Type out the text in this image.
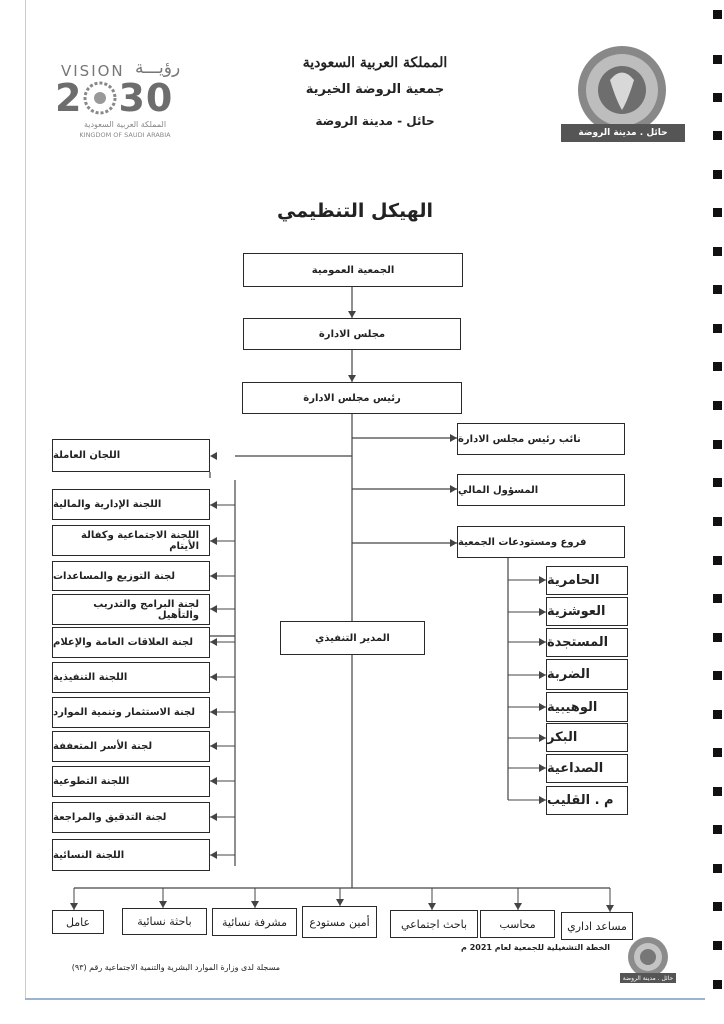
VISION رؤيـــة
2 30
المملكة العربية السعودية
KINGDOM OF SAUDI ARABIA
المملكة العربية السعودية
جمعية الروضة الخيرية
حائل - مدينة الروضة
حائل . مدينة الروضة
الهيكل التنظيمي
الجمعية العمومية
مجلس الادارة
رئيس مجلس الادارة
نائب رئيس مجلس الادارة
المسؤول المالي
فروع ومستودعات الجمعية
اللجان العاملة
المدير التنفيذي
اللجنة الإدارية والمالية
اللجنة الاجتماعية وكفالة الأيتام
لجنة التوزيع والمساعدات
لجنة البرامج والتدريب والتأهيل
لجنة العلاقات العامة والإعلام
اللجنة التنفيذية
لجنة الاستثمار وتنمية الموارد
لجنة الأسر المتعففة
اللجنة التطوعية
لجنة التدقيق والمراجعة
اللجنة النسائية
الحامرية
العوشزية
المستجدة
الضربة
الوهيبية
البكر
الصداعية
م . القليب
مساعد اداري
محاسب
باحث اجتماعي
أمين مستودع
مشرفة نسائية
باحثة نسائية
عامل
الخطة التشغيلية للجمعية لعام 2021 م
مسجلة لدى وزارة الموارد البشرية والتنمية الاجتماعية رقم (٩٣)
حائل . مدينة الروضة
